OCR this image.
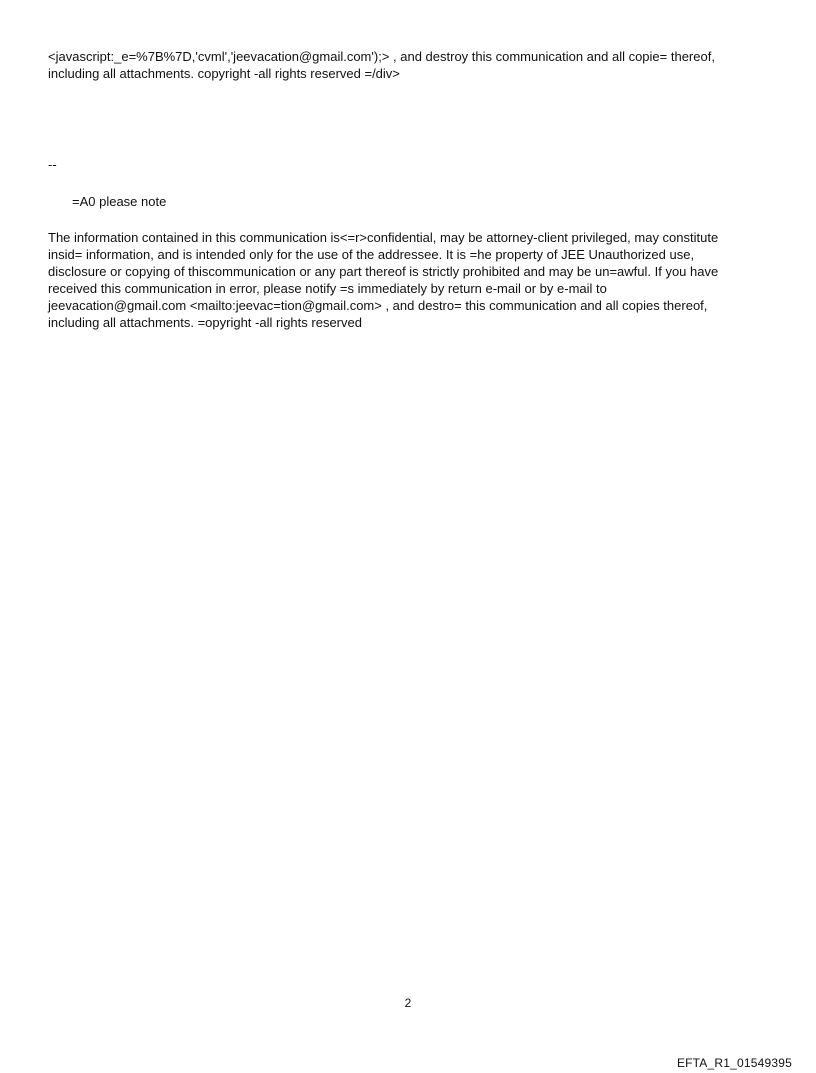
<javascript:_e=%7B%7D,'cvml','jeevacation@gmail.com');> , and destroy this communication and all copie= thereof,
including all attachments. copyright -all rights reserved =/div>
--
=A0 please note
The information contained in this communication is<=r>confidential, may be attorney-client privileged, may constitute
insid= information, and is intended only for the use of the addressee. It is =he property of JEE Unauthorized use,
disclosure or copying of thiscommunication or any part thereof is strictly prohibited and may be un=awful. If you have
received this communication in error, please notify =s immediately by return e-mail or by e-mail to
jeevacation@gmail.com <mailto:jeevac=tion@gmail.com> , and destro= this communication and all copies thereof,
including all attachments. =opyright -all rights reserved
2
EFTA_R1_01549395
